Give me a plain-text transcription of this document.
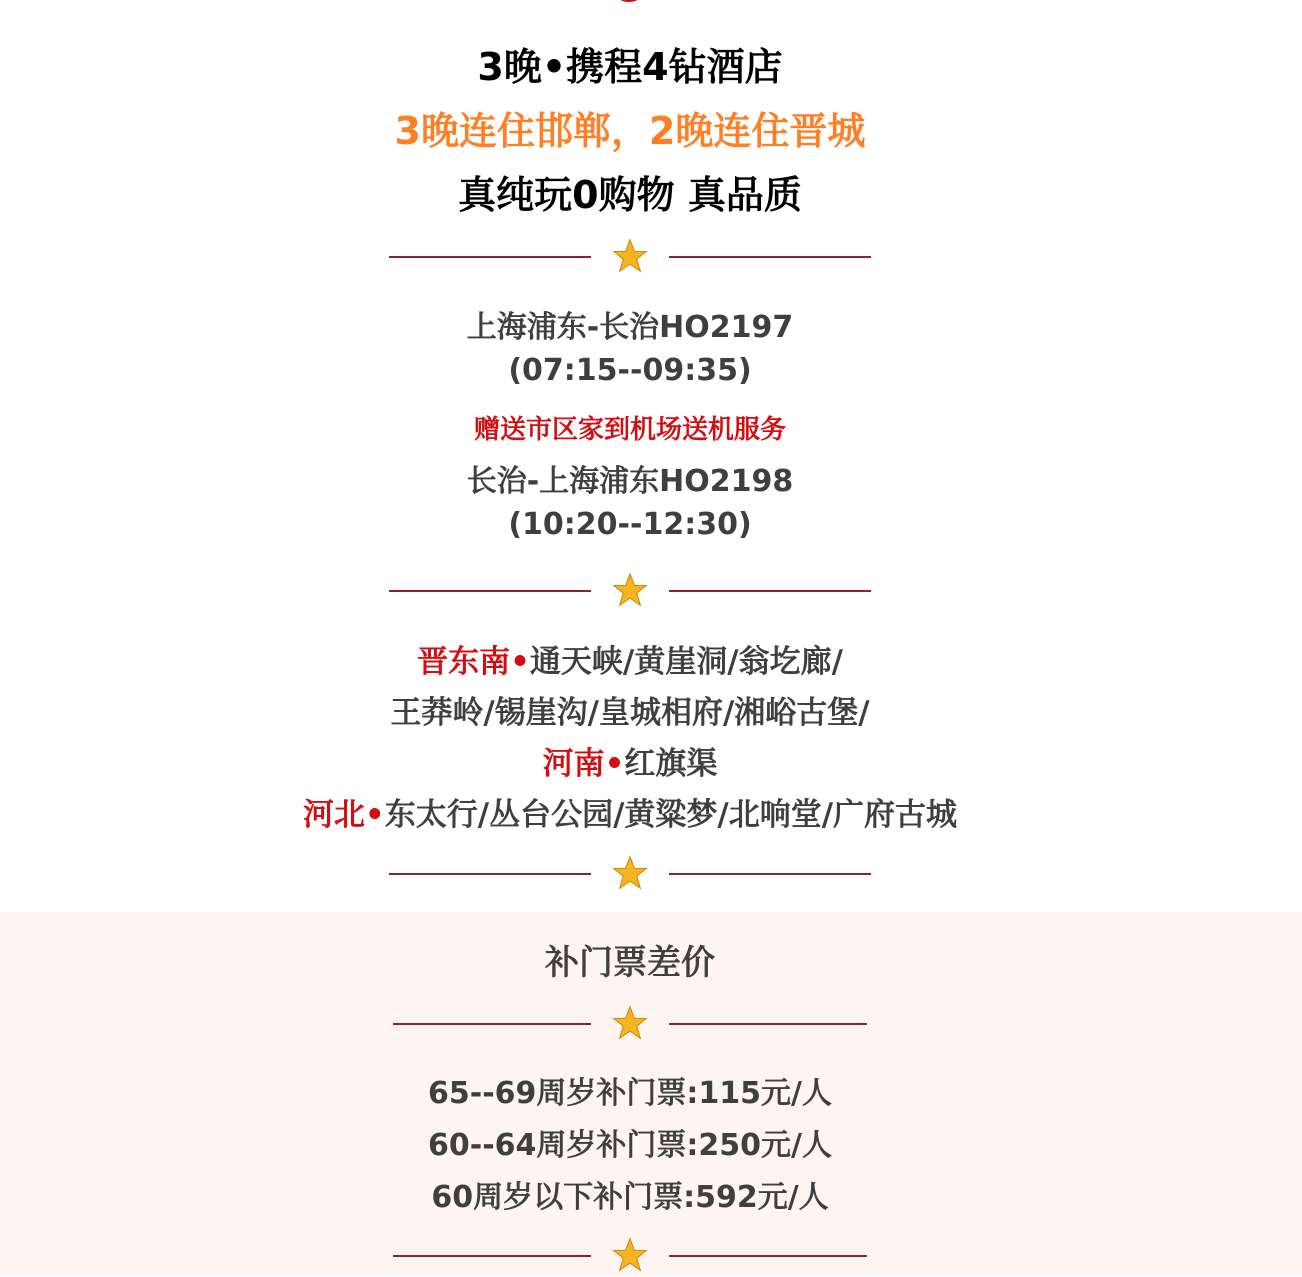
3晚•携程4钻酒店
3晚连住邯郸，2晚连住晋城
真纯玩0购物 真品质
上海浦东-长治HO2197
(07:15--09:35)
赠送市区家到机场送机服务
长治-上海浦东HO2198
(10:20--12:30)
晋东南•通天峡/黄崖洞/翁圪廊/
王莽岭/锡崖沟/皇城相府/湘峪古堡/
河南•红旗渠
河北•东太行/丛台公园/黄粱梦/北响堂/广府古城
补门票差价
65--69周岁补门票:115元/人
60--64周岁补门票:250元/人
60周岁以下补门票:592元/人
